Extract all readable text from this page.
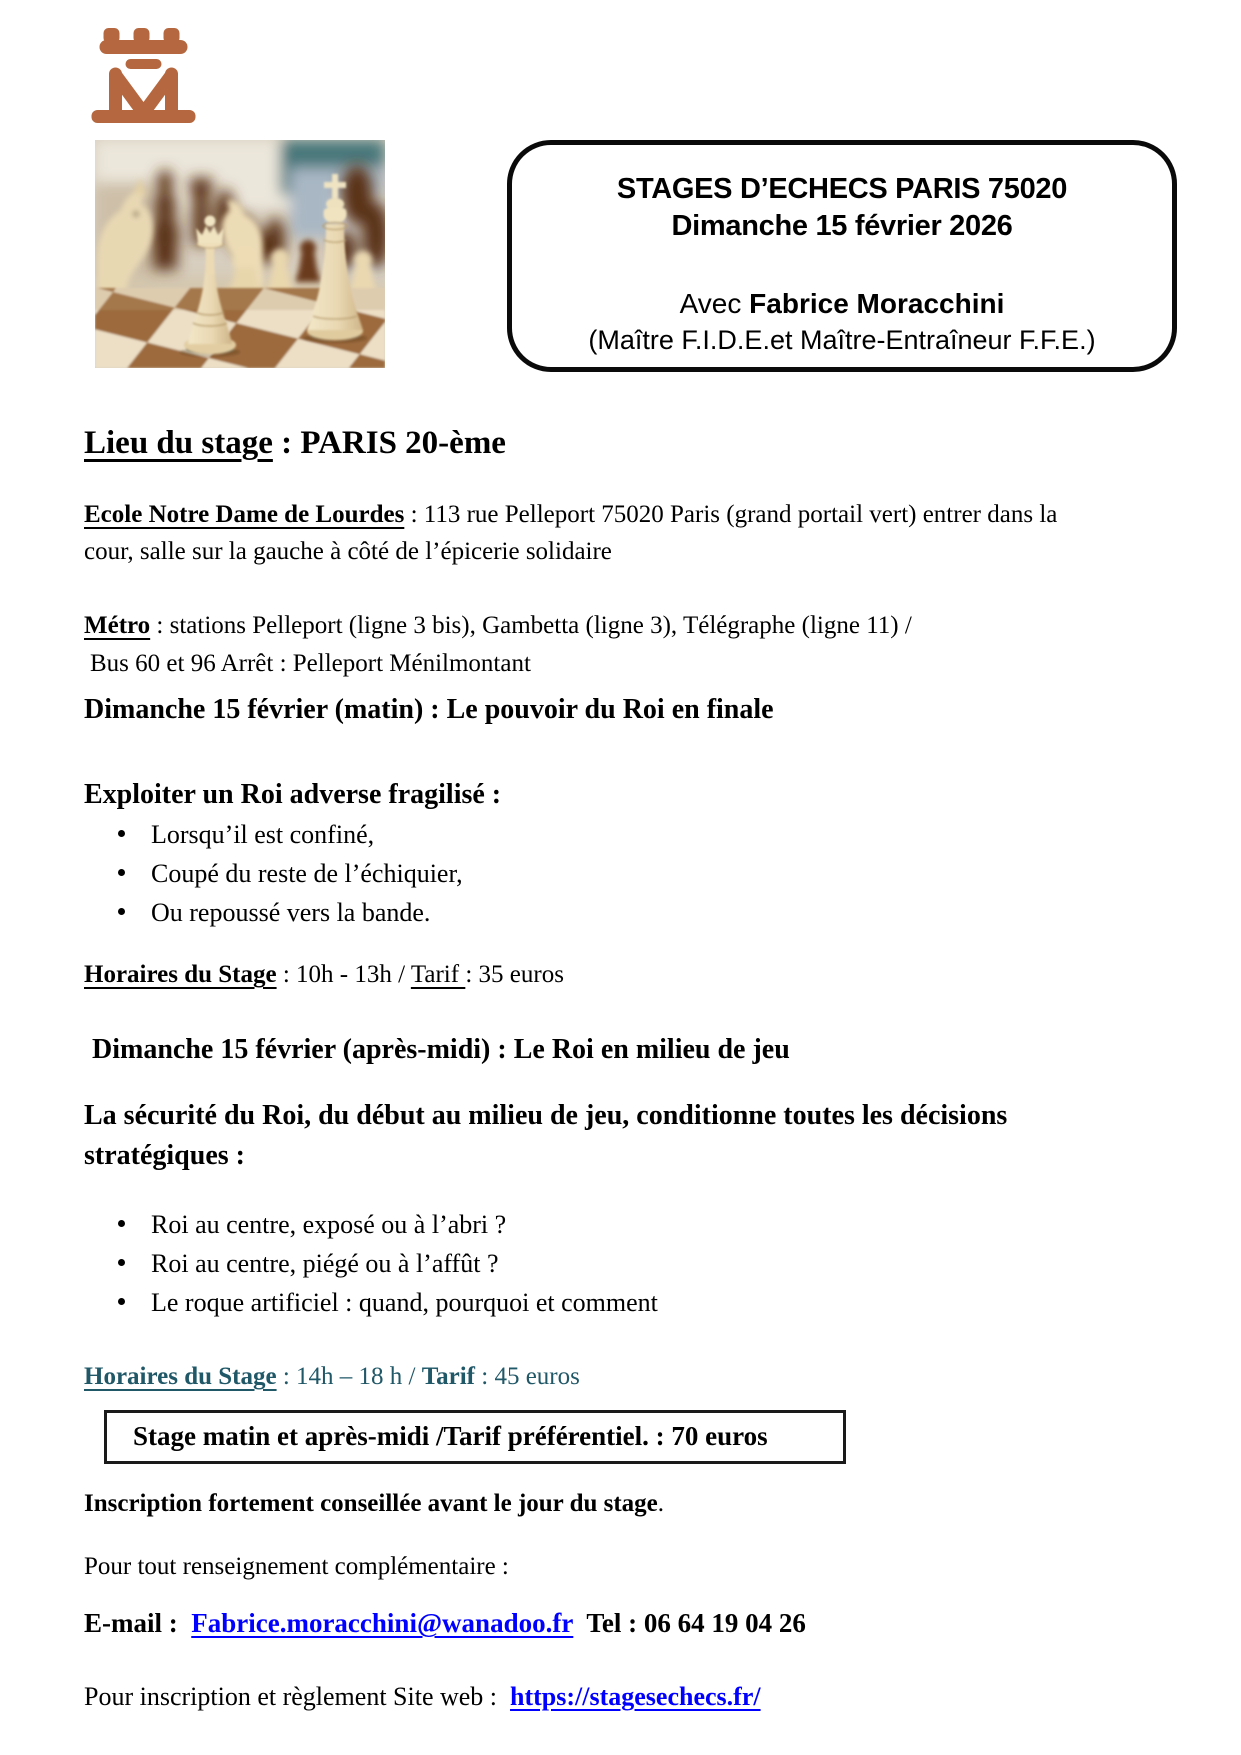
STAGES D’ECHECS PARIS 75020
Dimanche 15 février 2026
Avec Fabrice Moracchini
(Maître F.I.D.E.et Maître-Entraîneur F.F.E.)
Lieu du stage : PARIS 20-ème
Ecole Notre Dame de Lourdes : 113 rue Pelleport 75020 Paris (grand portail vert) entrer dans la cour, salle sur la gauche à côté de l’épicerie solidaire
Métro : stations Pelleport (ligne 3 bis), Gambetta (ligne 3), Télégraphe (ligne 11) /
Bus 60 et 96 Arrêt : Pelleport Ménilmontant
Dimanche 15 février (matin) : Le pouvoir du Roi en finale
Exploiter un Roi adverse fragilisé :
Lorsqu’il est confiné,
Coupé du reste de l’échiquier,
Ou repoussé vers la bande.
Horaires du Stage : 10h - 13h / Tarif : 35 euros
Dimanche 15 février (après-midi) : Le Roi en milieu de jeu
La sécurité du Roi, du début au milieu de jeu, conditionne toutes les décisions stratégiques :
Roi au centre, exposé ou à l’abri ?
Roi au centre, piégé ou à l’affût ?
Le roque artificiel : quand, pourquoi et comment
Horaires du Stage : 14h – 18 h / Tarif : 45 euros
Stage matin et après-midi /Tarif préférentiel. : 70 euros
Inscription fortement conseillée avant le jour du stage.
Pour tout renseignement complémentaire :
E-mail :  Fabrice.moracchini@wanadoo.fr  Tel : 06 64 19 04 26
Pour inscription et règlement Site web :  https://stagesechecs.fr/
